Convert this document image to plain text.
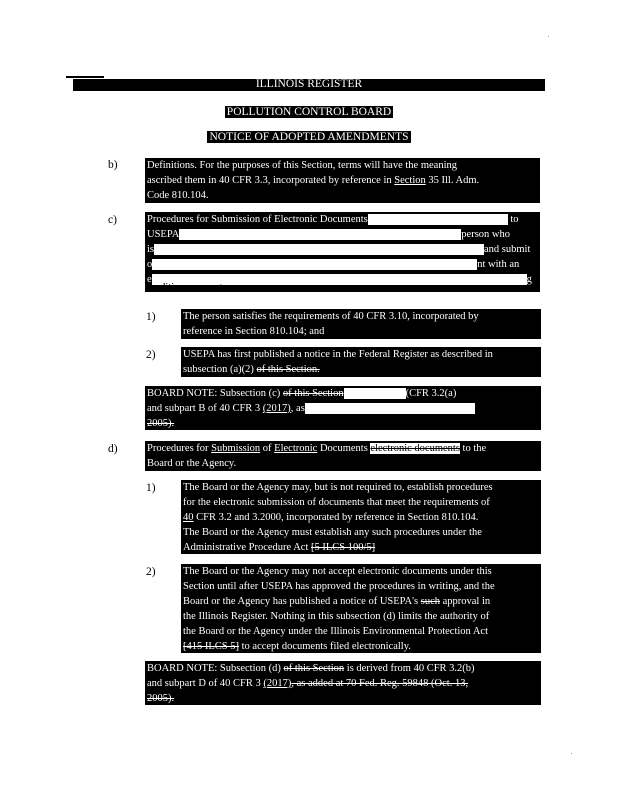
ILLINOIS REGISTER
POLLUTION CONTROL BOARD
NOTICE OF ADOPTED AMENDMENTS
b)	Definitions. For the purposes of this Section, terms will have the meaning

ascribed them in 40 CFR 3.3, incorporated by reference in Section 35 Ill. Adm.

Code 810.104.

c)	Procedures for Submission of Electronic Documents	to

USEPA	person who

is	and submit

o	nt with an

e	g

conditions are met:
1)	The person satisfies the requirements of 40 CFR 3.10, incorporated by

reference in Section 810.104; and

2)	USEPA has first published a notice in the Federal Register as described in

subsection (a)(2) of this Section.

BOARD NOTE: Subsection (c) of this Section	(CFR 3.2(a)

and subpart B of 40 CFR 3 (2017), as

2005).

d)	Procedures for Submission of Electronic Documents electronic documents to the

Board or the Agency.

1)	The Board or the Agency may, but is not required to, establish procedures

for the electronic submission of documents that meet the requirements of

40 CFR 3.2 and 3.2000, incorporated by reference in Section 810.104.

The Board or the Agency must establish any such procedures under the

Administrative Procedure Act [5 ILCS 100/5]

2)	The Board or the Agency may not accept electronic documents under this

Section until after USEPA has approved the procedures in writing, and the

Board or the Agency has published a notice of USEPA's such approval in

the Illinois Register. Nothing in this subsection (d) limits the authority of

the Board or the Agency under the Illinois Environmental Protection Act

[415 ILCS 5] to accept documents filed electronically.

BOARD NOTE: Subsection (d) of this Section is derived from 40 CFR 3.2(b)

and subpart D of 40 CFR 3 (2017), as added at 70 Fed. Reg. 59848 (Oct. 13,

2005).
